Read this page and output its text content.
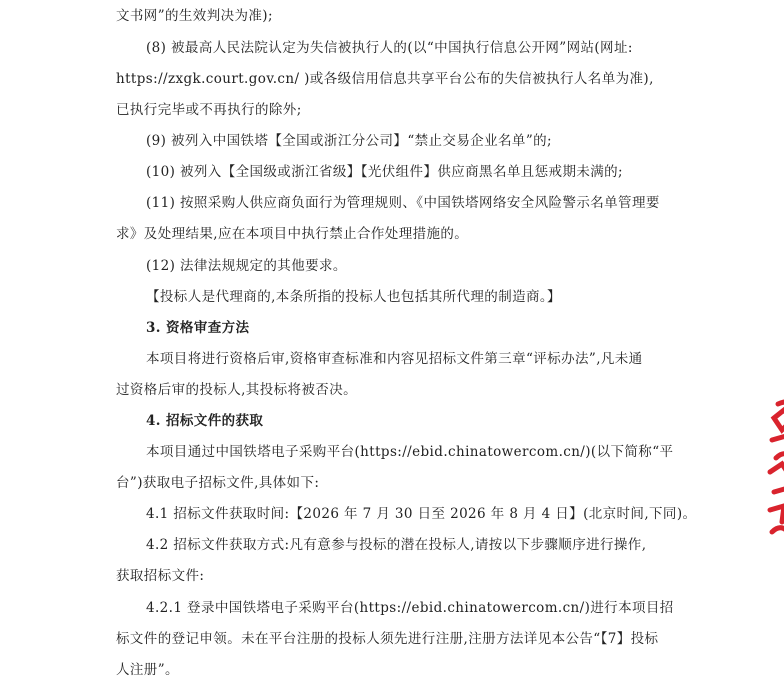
文书网”的生效判决为准);
(8) 被最高人民法院认定为失信被执行人的(以“中国执行信息公开网”网站(网址:
https://zxgk.court.gov.cn/ )或各级信用信息共享平台公布的失信被执行人名单为准),
已执行完毕或不再执行的除外;
(9) 被列入中国铁塔【全国或浙江分公司】“禁止交易企业名单”的;
(10) 被列入【全国级或浙江省级】【光伏组件】供应商黑名单且惩戒期未满的;
(11) 按照采购人供应商负面行为管理规则、《中国铁塔网络安全风险警示名单管理要
求》及处理结果,应在本项目中执行禁止合作处理措施的。
(12) 法律法规规定的其他要求。
【投标人是代理商的,本条所指的投标人也包括其所代理的制造商。】
3. 资格审查方法
本项目将进行资格后审,资格审查标准和内容见招标文件第三章“评标办法”,凡未通
过资格后审的投标人,其投标将被否决。
4. 招标文件的获取
本项目通过中国铁塔电子采购平台(https://ebid.chinatowercom.cn/)(以下简称“平
台”)获取电子招标文件,具体如下:
4.1 招标文件获取时间:【2026 年 7 月 30 日至 2026 年 8 月 4 日】(北京时间,下同)。
4.2 招标文件获取方式:凡有意参与投标的潜在投标人,请按以下步骤顺序进行操作,
获取招标文件:
4.2.1 登录中国铁塔电子采购平台(https://ebid.chinatowercom.cn/)进行本项目招
标文件的登记申领。未在平台注册的投标人须先进行注册,注册方法详见本公告“【7】投标
人注册”。
